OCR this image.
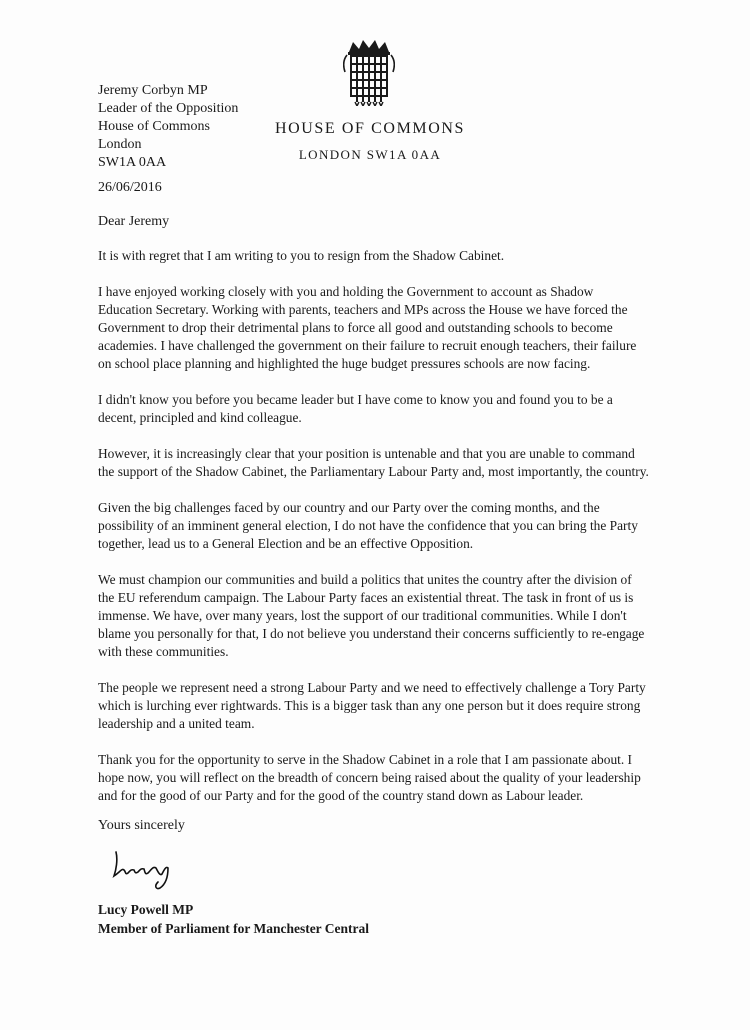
Jeremy Corbyn MP
Leader of the Opposition
House of Commons
London
SW1A 0AA
HOUSE OF COMMONS
LONDON SW1A 0AA
26/06/2016
Dear Jeremy

It is with regret that I am writing to you to resign from the Shadow Cabinet.

I have enjoyed working closely with you and holding the Government to account as Shadow Education Secretary. Working with parents, teachers and MPs across the House we have forced the Government to drop their detrimental plans to force all good and outstanding schools to become academies. I have challenged the government on their failure to recruit enough teachers, their failure on school place planning and highlighted the huge budget pressures schools are now facing.

I didn't know you before you became leader but I have come to know you and found you to be a decent, principled and kind colleague.

However, it is increasingly clear that your position is untenable and that you are unable to command the support of the Shadow Cabinet, the Parliamentary Labour Party and, most importantly, the country.

Given the big challenges faced by our country and our Party over the coming months, and the possibility of an imminent general election, I do not have the confidence that you can bring the Party together, lead us to a General Election and be an effective Opposition.

We must champion our communities and build a politics that unites the country after the division of the EU referendum campaign. The Labour Party faces an existential threat. The task in front of us is immense. We have, over many years, lost the support of our traditional communities. While I don't blame you personally for that, I do not believe you understand their concerns sufficiently to re-engage with these communities.

The people we represent need a strong Labour Party and we need to effectively challenge a Tory Party which is lurching ever rightwards. This is a bigger task than any one person but it does require strong leadership and a united team.

Thank you for the opportunity to serve in the Shadow Cabinet in a role that I am passionate about. I hope now, you will reflect on the breadth of concern being raised about the quality of your leadership and for the good of our Party and for the good of the country stand down as Labour leader.

Yours sincerely
Lucy Powell MP
Member of Parliament for Manchester Central
